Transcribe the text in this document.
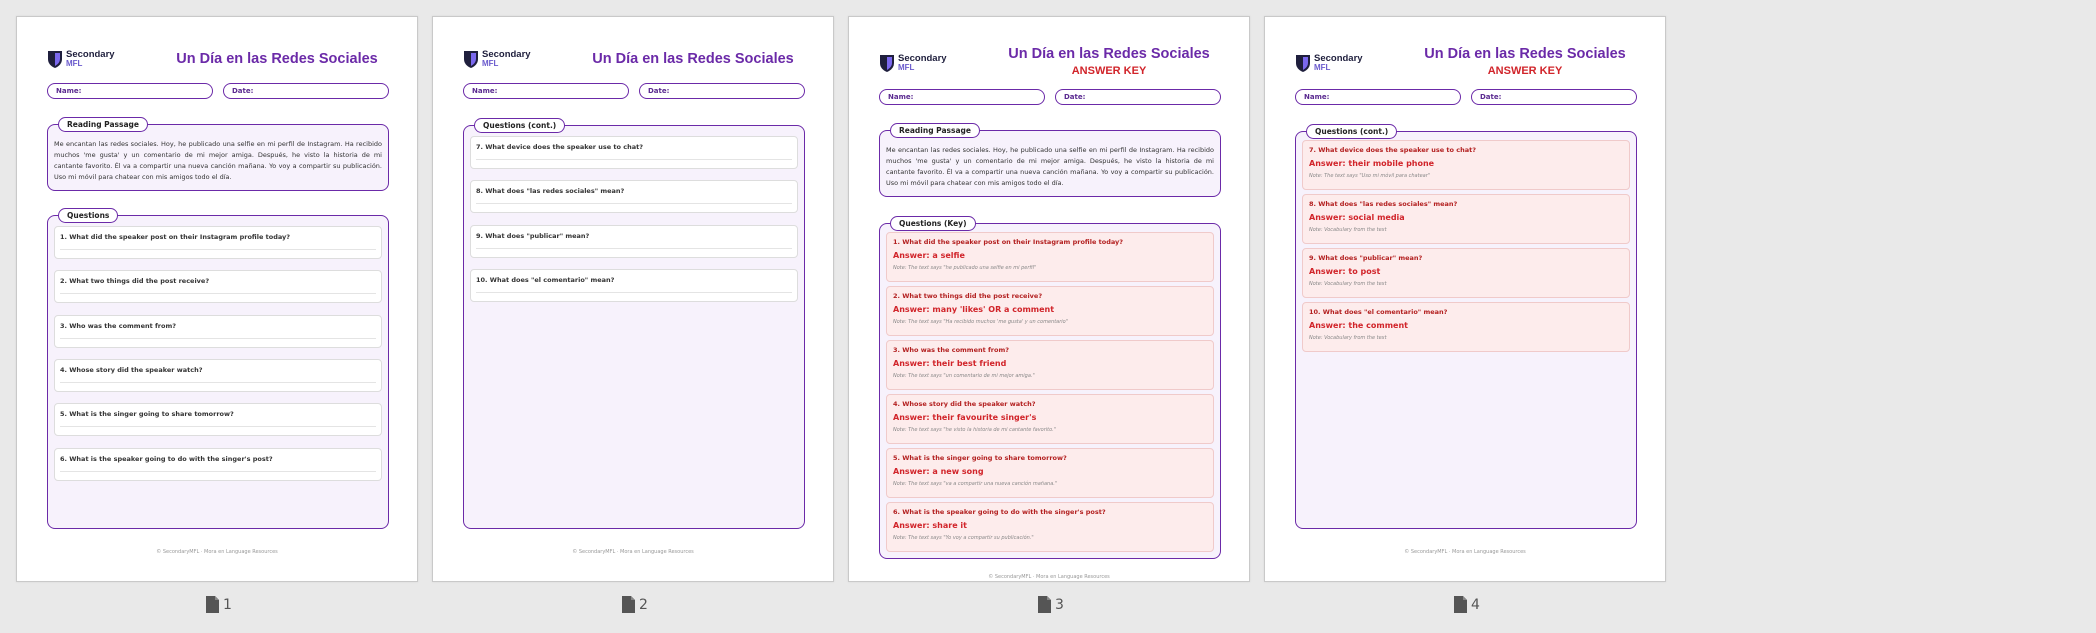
Secondary
MFL	Un Día en las Redes Sociales
Name:	Date:
Reading Passage
Me encantan las redes sociales. Hoy, he publicado una selfie en mi perfil de Instagram. Ha recibido muchos 'me gusta' y un comentario de mi mejor amiga. Después, he visto la historia de mi cantante favorito. Él va a compartir una nueva canción mañana. Yo voy a compartir su publicación. Uso mi móvil para chatear con mis amigos todo el día.
Questions
1. What did the speaker post on their Instagram profile today?
2. What two things did the post receive?
3. Who was the comment from?
4. Whose story did the speaker watch?
5. What is the singer going to share tomorrow?
6. What is the speaker going to do with the singer's post?
© SecondaryMFL · Mora en Language Resources
Secondary
MFL	Un Día en las Redes Sociales
Name:	Date:
Questions (cont.)
7. What device does the speaker use to chat?
8. What does "las redes sociales" mean?
9. What does "publicar" mean?
10. What does "el comentario" mean?
© SecondaryMFL · Mora en Language Resources
Secondary
MFL
Un Día en las Redes Sociales
ANSWER KEY
Name:	Date:
Reading Passage
Me encantan las redes sociales. Hoy, he publicado una selfie en mi perfil de Instagram. Ha recibido muchos 'me gusta' y un comentario de mi mejor amiga. Después, he visto la historia de mi cantante favorito. Él va a compartir una nueva canción mañana. Yo voy a compartir su publicación. Uso mi móvil para chatear con mis amigos todo el día.
Questions (Key)
1. What did the speaker post on their Instagram profile today?
Answer: a selfie
Note: The text says "he publicado una selfie en mi perfil"
2. What two things did the post receive?
Answer: many 'likes' OR a comment
Note: The text says "Ha recibido muchos 'me gusta' y un comentario"
3. Who was the comment from?
Answer: their best friend
Note: The text says "un comentario de mi mejor amiga."
4. Whose story did the speaker watch?
Answer: their favourite singer's
Note: The text says "he visto la historia de mi cantante favorito."
5. What is the singer going to share tomorrow?
Answer: a new song
Note: The text says "va a compartir una nueva canción mañana."
6. What is the speaker going to do with the singer's post?
Answer: share it
Note: The text says "Yo voy a compartir su publicación."
© SecondaryMFL · Mora en Language Resources
Secondary
MFL
Un Día en las Redes Sociales
ANSWER KEY
Name:	Date:
Questions (cont.)
7. What device does the speaker use to chat?
Answer: their mobile phone
Note: The text says "Uso mi móvil para chatear"
8. What does "las redes sociales" mean?
Answer: social media
Note: Vocabulary from the text
9. What does "publicar" mean?
Answer: to post
Note: Vocabulary from the text
10. What does "el comentario" mean?
Answer: the comment
Note: Vocabulary from the text
© SecondaryMFL · Mora en Language Resources
1	2	3	4
